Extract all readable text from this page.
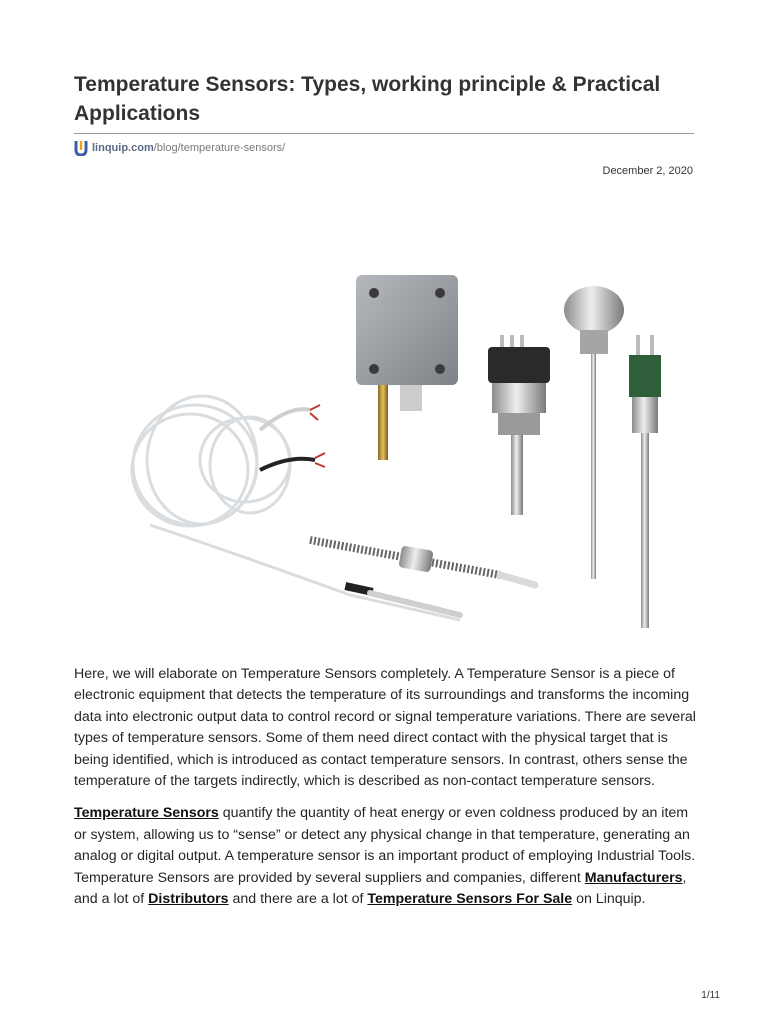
Temperature Sensors: Types, working principle & Practical Applications
linquip.com /blog/temperature-sensors/
December 2, 2020

Here, we will elaborate on Temperature Sensors completely. A Temperature Sensor is a piece of electronic equipment that detects the temperature of its surroundings and transforms the incoming data into electronic output data to control record or signal temperature variations. There are several types of temperature sensors. Some of them need direct contact with the physical target that is being identified, which is introduced as contact temperature sensors. In contrast, others sense the temperature of the targets indirectly, which is described as non-contact temperature sensors.

Temperature Sensors quantify the quantity of heat energy or even coldness produced by an item or system, allowing us to “sense” or detect any physical change in that temperature, generating an analog or digital output. A temperature sensor is an important product of employing Industrial Tools. Temperature Sensors are provided by several suppliers and companies, different Manufacturers, and a lot of Distributors and there are a lot of Temperature Sensors For Sale on Linquip.

1/11
